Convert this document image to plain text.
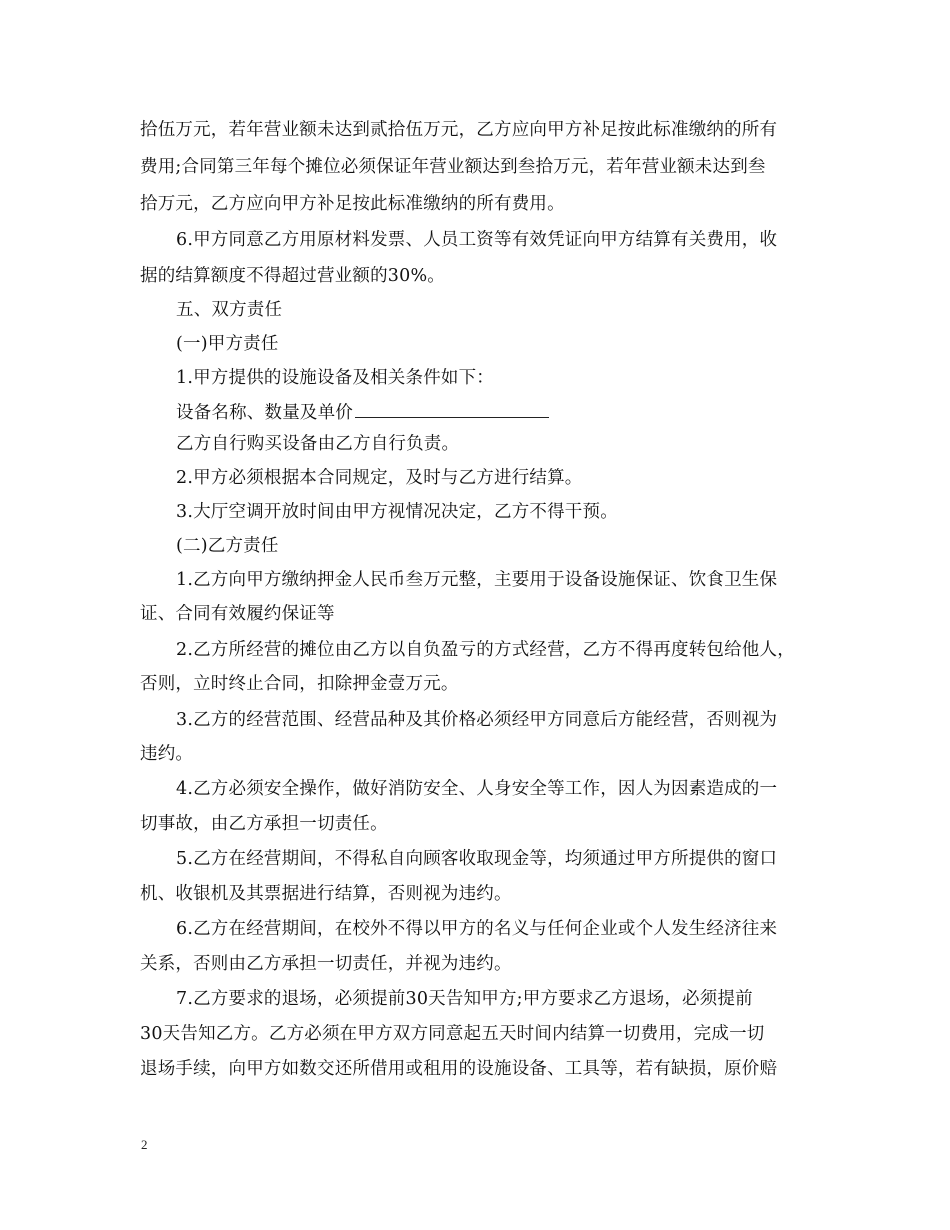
拾伍万元，若年营业额未达到贰拾伍万元，乙方应向甲方补足按此标准缴纳的所有
费用;合同第三年每个摊位必须保证年营业额达到叁拾万元，若年营业额未达到叁
拾万元，乙方应向甲方补足按此标准缴纳的所有费用。
6.甲方同意乙方用原材料发票、人员工资等有效凭证向甲方结算有关费用，收
据的结算额度不得超过营业额的30%。
五、双方责任
(一)甲方责任
1.甲方提供的设施设备及相关条件如下：
设备名称、数量及单价
乙方自行购买设备由乙方自行负责。
2.甲方必须根据本合同规定，及时与乙方进行结算。
3.大厅空调开放时间由甲方视情况决定，乙方不得干预。
(二)乙方责任
1.乙方向甲方缴纳押金人民币叁万元整，主要用于设备设施保证、饮食卫生保
证、合同有效履约保证等
2.乙方所经营的摊位由乙方以自负盈亏的方式经营，乙方不得再度转包给他人，
否则，立时终止合同，扣除押金壹万元。
3.乙方的经营范围、经营品种及其价格必须经甲方同意后方能经营，否则视为
违约。
4.乙方必须安全操作，做好消防安全、人身安全等工作，因人为因素造成的一
切事故，由乙方承担一切责任。
5.乙方在经营期间，不得私自向顾客收取现金等，均须通过甲方所提供的窗口
机、收银机及其票据进行结算，否则视为违约。
6.乙方在经营期间，在校外不得以甲方的名义与任何企业或个人发生经济往来
关系，否则由乙方承担一切责任，并视为违约。
7.乙方要求的退场，必须提前30天告知甲方;甲方要求乙方退场，必须提前
30天告知乙方。乙方必须在甲方双方同意起五天时间内结算一切费用，完成一切
退场手续，向甲方如数交还所借用或租用的设施设备、工具等，若有缺损，原价赔
2
